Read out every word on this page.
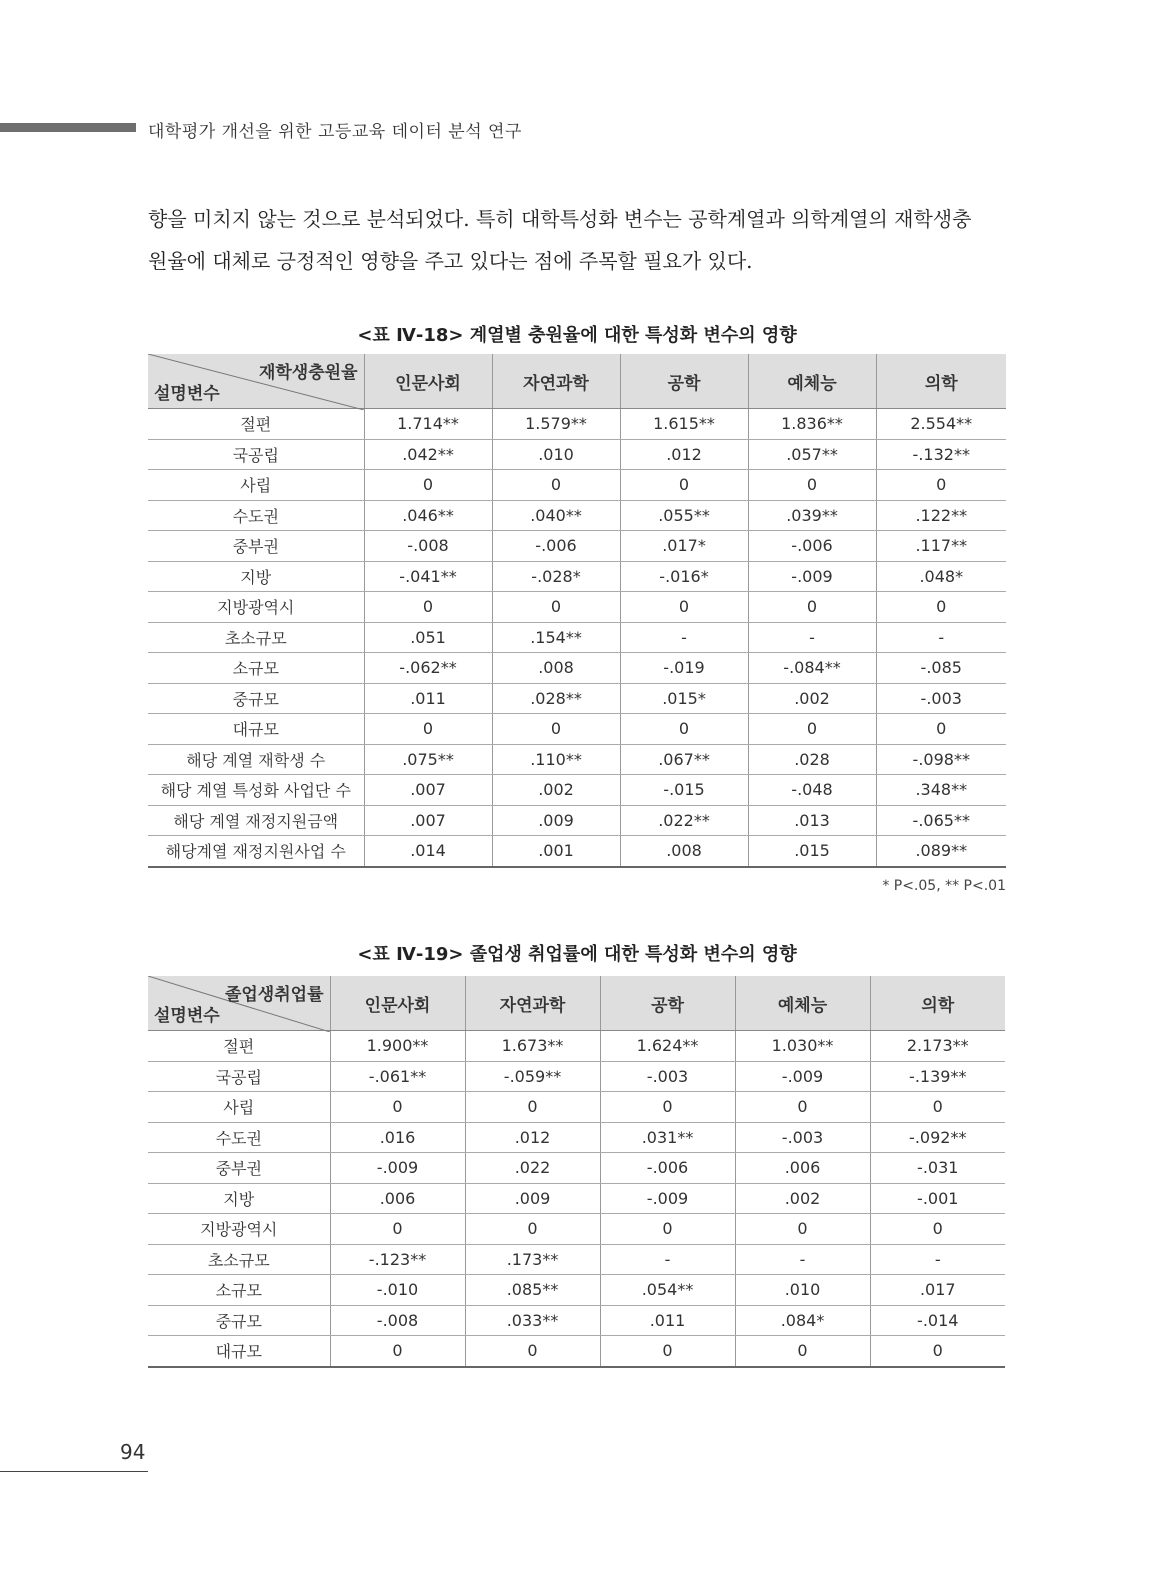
대학평가 개선을 위한 고등교육 데이터 분석 연구

향을 미치지 않는 것으로 분석되었다. 특히 대학특성화 변수는 공학계열과 의학계열의 재학생충

원율에 대체로 긍정적인 영향을 주고 있다는 점에 주목할 필요가 있다.

<표 Ⅳ-18> 계열별 충원율에 대한 특성화 변수의 영향
재학생충원율
설명변수	인문사회	자연과학	공학	예체능	의학
절편	1.714**	1.579**	1.615**	1.836**	2.554**
국공립	.042**	.010	.012	.057**	-.132**
사립	0	0	0	0	0
수도권	.046**	.040**	.055**	.039**	.122**
중부권	-.008	-.006	.017*	-.006	.117**
지방	-.041**	-.028*	-.016*	-.009	.048*
지방광역시	0	0	0	0	0
초소규모	.051	.154**	-	-	-
소규모	-.062**	.008	-.019	-.084**	-.085
중규모	.011	.028**	.015*	.002	-.003
대규모	0	0	0	0	0
해당 계열 재학생 수	.075**	.110**	.067**	.028	-.098**
해당 계열 특성화 사업단 수	.007	.002	-.015	-.048	.348**
해당 계열 재정지원금액	.007	.009	.022**	.013	-.065**
해당계열 재정지원사업 수	.014	.001	.008	.015	.089**
* P<.05, ** P<.01
<표 Ⅳ-19> 졸업생 취업률에 대한 특성화 변수의 영향
졸업생취업률
설명변수	인문사회	자연과학	공학	예체능	의학
절편	1.900**	1.673**	1.624**	1.030**	2.173**
국공립	-.061**	-.059**	-.003	-.009	-.139**
사립	0	0	0	0	0
수도권	.016	.012	.031**	-.003	-.092**
중부권	-.009	.022	-.006	.006	-.031
지방	.006	.009	-.009	.002	-.001
지방광역시	0	0	0	0	0
초소규모	-.123**	.173**	-	-	-
소규모	-.010	.085**	.054**	.010	.017
중규모	-.008	.033**	.011	.084*	-.014
대규모	0	0	0	0	0
94
